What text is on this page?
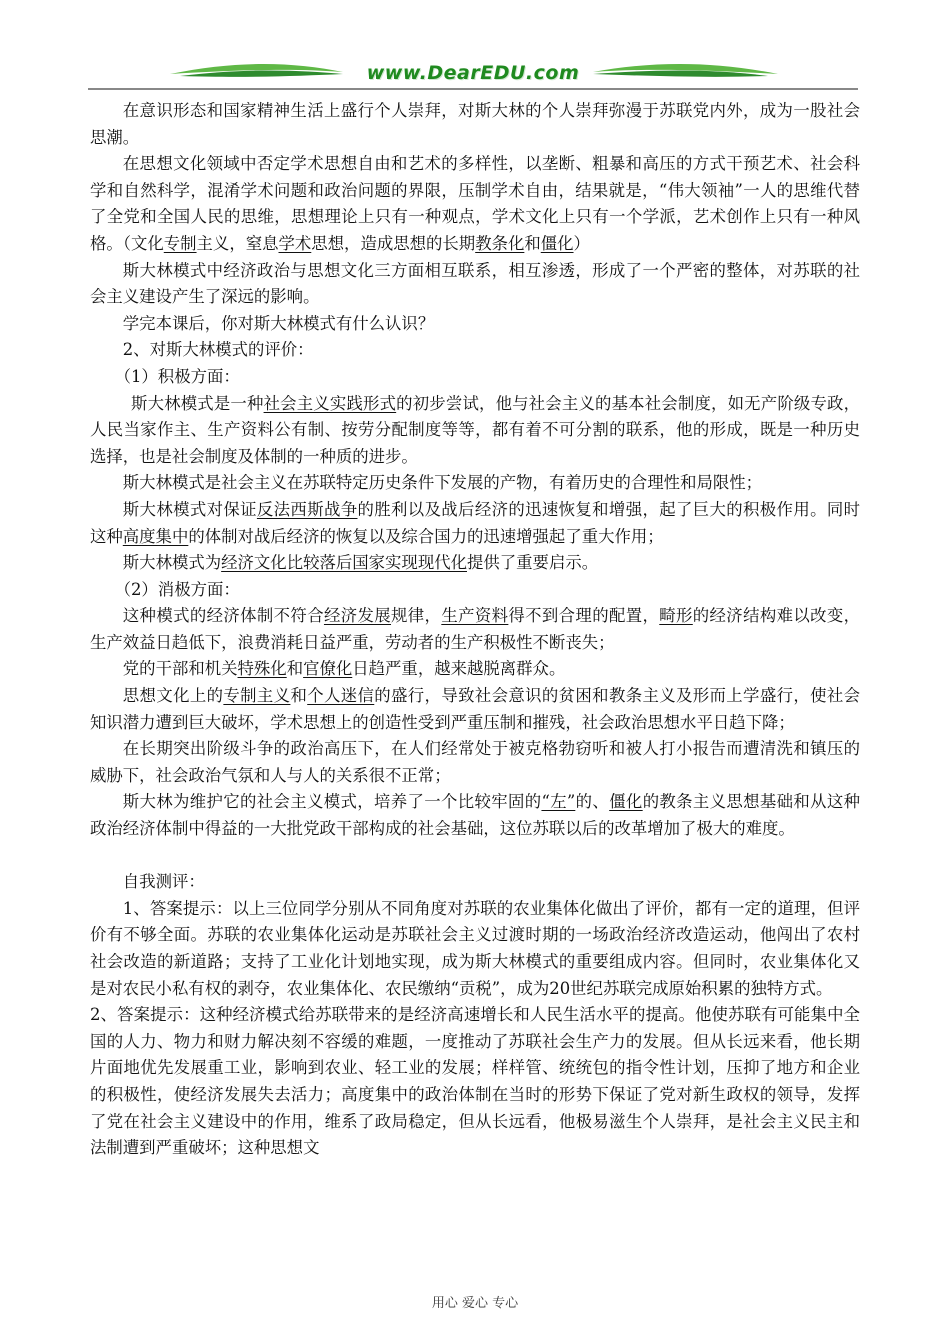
www.DearEDU.com

在意识形态和国家精神生活上盛行个人崇拜，对斯大林的个人崇拜弥漫于苏联党内外，成为一股社会思潮。

在思想文化领域中否定学术思想自由和艺术的多样性，以垄断、粗暴和高压的方式干预艺术、社会科学和自然科学，混淆学术问题和政治问题的界限，压制学术自由，结果就是，“伟大领袖”一人的思维代替了全党和全国人民的思维，思想理论上只有一种观点，学术文化上只有一个学派，艺术创作上只有一种风格。（文化专制主义，窒息学术思想，造成思想的长期教条化和僵化）

斯大林模式中经济政治与思想文化三方面相互联系，相互渗透，形成了一个严密的整体，对苏联的社会主义建设产生了深远的影响。

学完本课后，你对斯大林模式有什么认识？

2、对斯大林模式的评价：

（1）积极方面：

斯大林模式是一种社会主义实践形式的初步尝试，他与社会主义的基本社会制度，如无产阶级专政，人民当家作主、生产资料公有制、按劳分配制度等等，都有着不可分割的联系，他的形成，既是一种历史选择，也是社会制度及体制的一种质的进步。

斯大林模式是社会主义在苏联特定历史条件下发展的产物，有着历史的合理性和局限性；

斯大林模式对保证反法西斯战争的胜利以及战后经济的迅速恢复和增强，起了巨大的积极作用。同时这种高度集中的体制对战后经济的恢复以及综合国力的迅速增强起了重大作用；

斯大林模式为经济文化比较落后国家实现现代化提供了重要启示。

（2）消极方面：

这种模式的经济体制不符合经济发展规律，生产资料得不到合理的配置，畸形的经济结构难以改变，生产效益日趋低下，浪费消耗日益严重，劳动者的生产积极性不断丧失；

党的干部和机关特殊化和官僚化日趋严重，越来越脱离群众。

思想文化上的专制主义和个人迷信的盛行，导致社会意识的贫困和教条主义及形而上学盛行，使社会知识潜力遭到巨大破坏，学术思想上的创造性受到严重压制和摧残，社会政治思想水平日趋下降；

在长期突出阶级斗争的政治高压下，在人们经常处于被克格勃窃听和被人打小报告而遭清洗和镇压的威胁下，社会政治气氛和人与人的关系很不正常；

斯大林为维护它的社会主义模式，培养了一个比较牢固的“左”的、僵化的教条主义思想基础和从这种政治经济体制中得益的一大批党政干部构成的社会基础，这位苏联以后的改革增加了极大的难度。

自我测评：

1、答案提示：以上三位同学分别从不同角度对苏联的农业集体化做出了评价，都有一定的道理，但评价有不够全面。苏联的农业集体化运动是苏联社会主义过渡时期的一场政治经济改造运动，他闯出了农村社会改造的新道路；支持了工业化计划地实现，成为斯大林模式的重要组成内容。但同时，农业集体化又是对农民小私有权的剥夺，农业集体化、农民缴纳“贡税”，成为20世纪苏联完成原始积累的独特方式。

2、答案提示：这种经济模式给苏联带来的是经济高速增长和人民生活水平的提高。他使苏联有可能集中全国的人力、物力和财力解决刻不容缓的难题，一度推动了苏联社会生产力的发展。但从长远来看，他长期片面地优先发展重工业，影响到农业、轻工业的发展；样样管、统统包的指令性计划，压抑了地方和企业的积极性，使经济发展失去活力；高度集中的政治体制在当时的形势下保证了党对新生政权的领导，发挥了党在社会主义建设中的作用，维系了政局稳定，但从长远看，他极易滋生个人崇拜，是社会主义民主和法制遭到严重破坏；这种思想文

用心 爱心 专心
